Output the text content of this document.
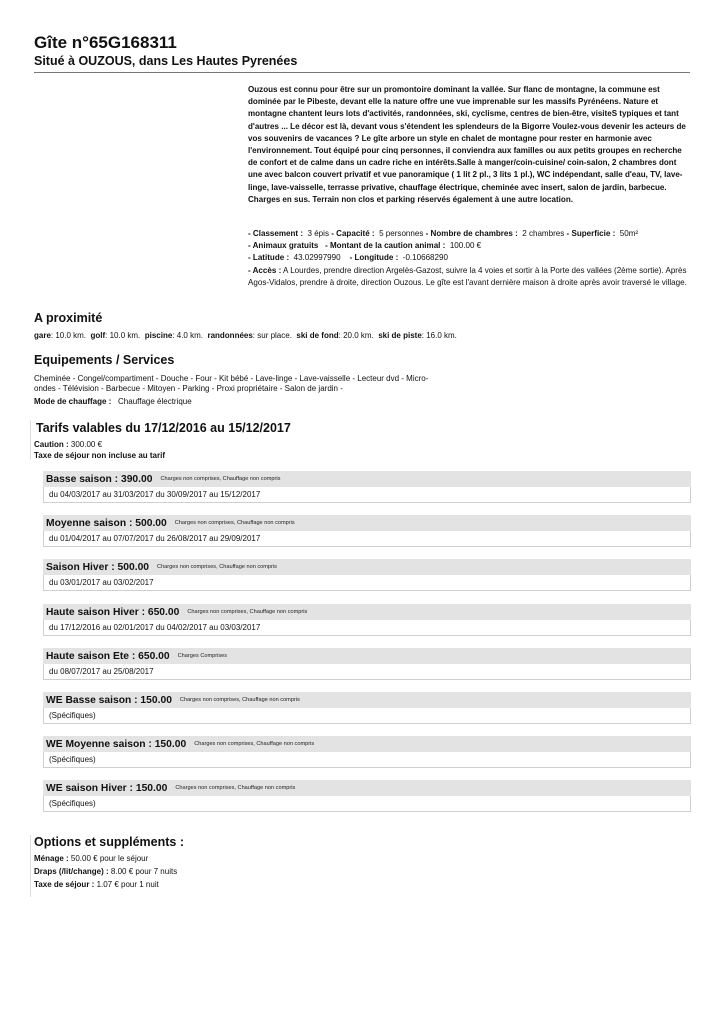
Gîte n°65G168311
Situé à OUZOUS, dans Les Hautes Pyrenées
Ouzous est connu pour être sur un promontoire dominant la vallée. Sur flanc de montagne, la commune est dominée par le Pibeste, devant elle la nature offre une vue imprenable sur les massifs Pyrénéens. Nature et montagne chantent leurs lots d'activités, randonnées, ski, cyclisme, centres de bien-être, visiteS typiques et tant d'autres ... Le décor est là, devant vous s'étendent les splendeurs de la Bigorre Voulez-vous devenir les acteurs de vos souvenirs de vacances ? Le gîte arbore un style en chalet de montagne pour rester en harmonie avec l'environnement. Tout équipé pour cinq personnes, il conviendra aux familles ou aux petits groupes en recherche de confort et de calme dans un cadre riche en intérêts.Salle à manger/coin-cuisine/ coin-salon, 2 chambres dont une avec balcon couvert privatif et vue panoramique ( 1 lit 2 pl., 3 lits 1 pl.), WC indépendant, salle d'eau, TV, lave-linge, lave-vaisselle, terrasse privative, chauffage électrique, cheminée avec insert, salon de jardin, barbecue. Charges en sus. Terrain non clos et parking réservés également à une autre location.
- Classement : 3 épis - Capacité : 5 personnes - Nombre de chambres : 2 chambres - Superficie : 50m²
- Animaux gratuits - Montant de la caution animal : 100.00 €
- Latitude : 43.02997990 - Longitude : -0.10668290
- Accès : A Lourdes, prendre direction Argelès-Gazost, suivre la 4 voies et sortir à la Porte des vallées (2ème sortie). Après Agos-Vidalos, prendre à droite, direction Ouzous. Le gîte est l'avant dernière maison à droite après avoir traversé le village.
A proximité
gare: 10.0 km. golf: 10.0 km. piscine: 4.0 km. randonnées: sur place. ski de fond: 20.0 km. ski de piste: 16.0 km.
Equipements / Services
Cheminée - Congel/compartiment - Douche - Four - Kit bébé - Lave-linge - Lave-vaisselle - Lecteur dvd - Micro-
ondes - Télévision - Barbecue - Mitoyen - Parking - Proxi propriétaire - Salon de jardin -
Mode de chauffage : Chauffage électrique
Tarifs valables du 17/12/2016 au 15/12/2017
Caution : 300.00 €
Taxe de séjour non incluse au tarif
Basse saison : 390.00 Charges non comprises, Chauffage non compris
du 04/03/2017 au 31/03/2017 du 30/09/2017 au 15/12/2017
Moyenne saison : 500.00 Charges non comprises, Chauffage non compris
du 01/04/2017 au 07/07/2017 du 26/08/2017 au 29/09/2017
Saison Hiver : 500.00 Charges non comprises, Chauffage non compris
du 03/01/2017 au 03/02/2017
Haute saison Hiver : 650.00 Charges non comprises, Chauffage non compris
du 17/12/2016 au 02/01/2017 du 04/02/2017 au 03/03/2017
Haute saison Ete : 650.00 Charges Comprises
du 08/07/2017 au 25/08/2017
WE Basse saison : 150.00 Charges non comprises, Chauffage non compris
(Spécifiques)
WE Moyenne saison : 150.00 Charges non comprises, Chauffage non compris
(Spécifiques)
WE saison Hiver : 150.00 Charges non comprises, Chauffage non compris
(Spécifiques)
Options et suppléments :
Ménage : 50.00 € pour le séjour
Draps (/lit/change) : 8.00 € pour 7 nuits
Taxe de séjour : 1.07 € pour 1 nuit
